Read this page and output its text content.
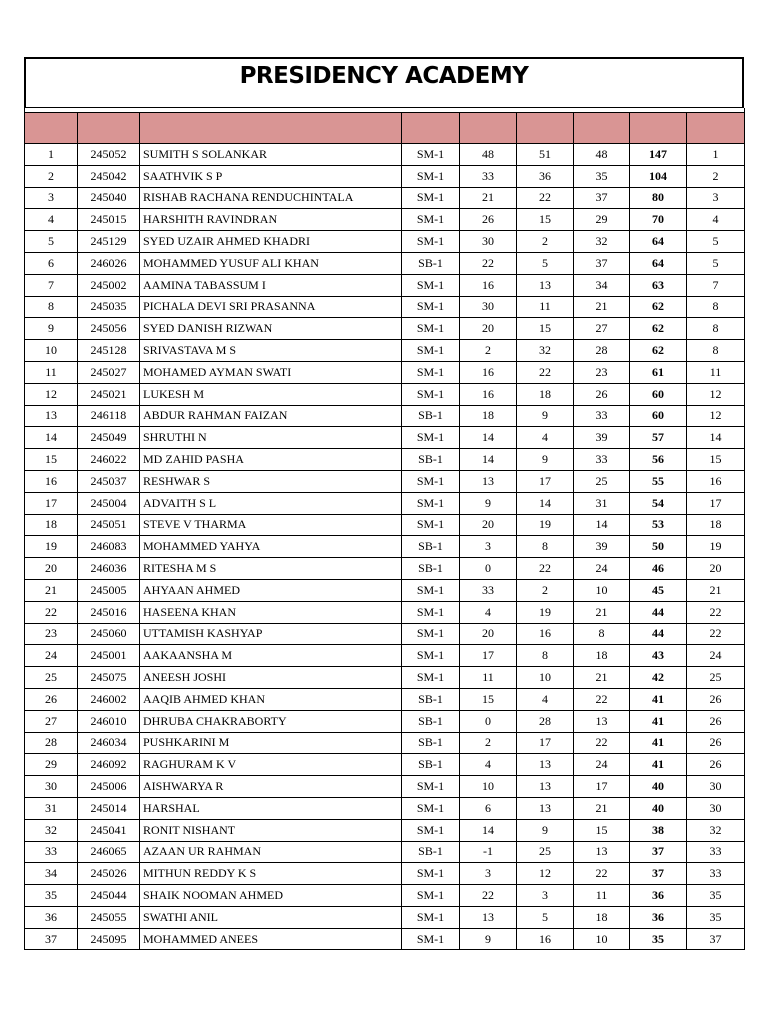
PRESIDENCY ACADEMY

1	245052	SUMITH S SOLANKAR	SM-1	48	51	48	147	1
2	245042	SAATHVIK S P	SM-1	33	36	35	104	2
3	245040	RISHAB RACHANA RENDUCHINTALA	SM-1	21	22	37	80	3
4	245015	HARSHITH RAVINDRAN	SM-1	26	15	29	70	4
5	245129	SYED UZAIR AHMED KHADRI	SM-1	30	2	32	64	5
6	246026	MOHAMMED YUSUF ALI KHAN	SB-1	22	5	37	64	5
7	245002	AAMINA TABASSUM I	SM-1	16	13	34	63	7
8	245035	PICHALA DEVI SRI PRASANNA	SM-1	30	11	21	62	8
9	245056	SYED DANISH RIZWAN	SM-1	20	15	27	62	8
10	245128	SRIVASTAVA M S	SM-1	2	32	28	62	8
11	245027	MOHAMED AYMAN SWATI	SM-1	16	22	23	61	11
12	245021	LUKESH M	SM-1	16	18	26	60	12
13	246118	ABDUR RAHMAN FAIZAN	SB-1	18	9	33	60	12
14	245049	SHRUTHI N	SM-1	14	4	39	57	14
15	246022	MD ZAHID PASHA	SB-1	14	9	33	56	15
16	245037	RESHWAR S	SM-1	13	17	25	55	16
17	245004	ADVAITH S L	SM-1	9	14	31	54	17
18	245051	STEVE V THARMA	SM-1	20	19	14	53	18
19	246083	MOHAMMED YAHYA	SB-1	3	8	39	50	19
20	246036	RITESHA M S	SB-1	0	22	24	46	20
21	245005	AHYAAN AHMED	SM-1	33	2	10	45	21
22	245016	HASEENA KHAN	SM-1	4	19	21	44	22
23	245060	UTTAMISH KASHYAP	SM-1	20	16	8	44	22
24	245001	AAKAANSHA M	SM-1	17	8	18	43	24
25	245075	ANEESH JOSHI	SM-1	11	10	21	42	25
26	246002	AAQIB AHMED KHAN	SB-1	15	4	22	41	26
27	246010	DHRUBA CHAKRABORTY	SB-1	0	28	13	41	26
28	246034	PUSHKARINI M	SB-1	2	17	22	41	26
29	246092	RAGHURAM K V	SB-1	4	13	24	41	26
30	245006	AISHWARYA R	SM-1	10	13	17	40	30
31	245014	HARSHAL	SM-1	6	13	21	40	30
32	245041	RONIT NISHANT	SM-1	14	9	15	38	32
33	246065	AZAAN UR RAHMAN	SB-1	-1	25	13	37	33
34	245026	MITHUN REDDY K S	SM-1	3	12	22	37	33
35	245044	SHAIK NOOMAN AHMED	SM-1	22	3	11	36	35
36	245055	SWATHI ANIL	SM-1	13	5	18	36	35
37	245095	MOHAMMED ANEES	SM-1	9	16	10	35	37
